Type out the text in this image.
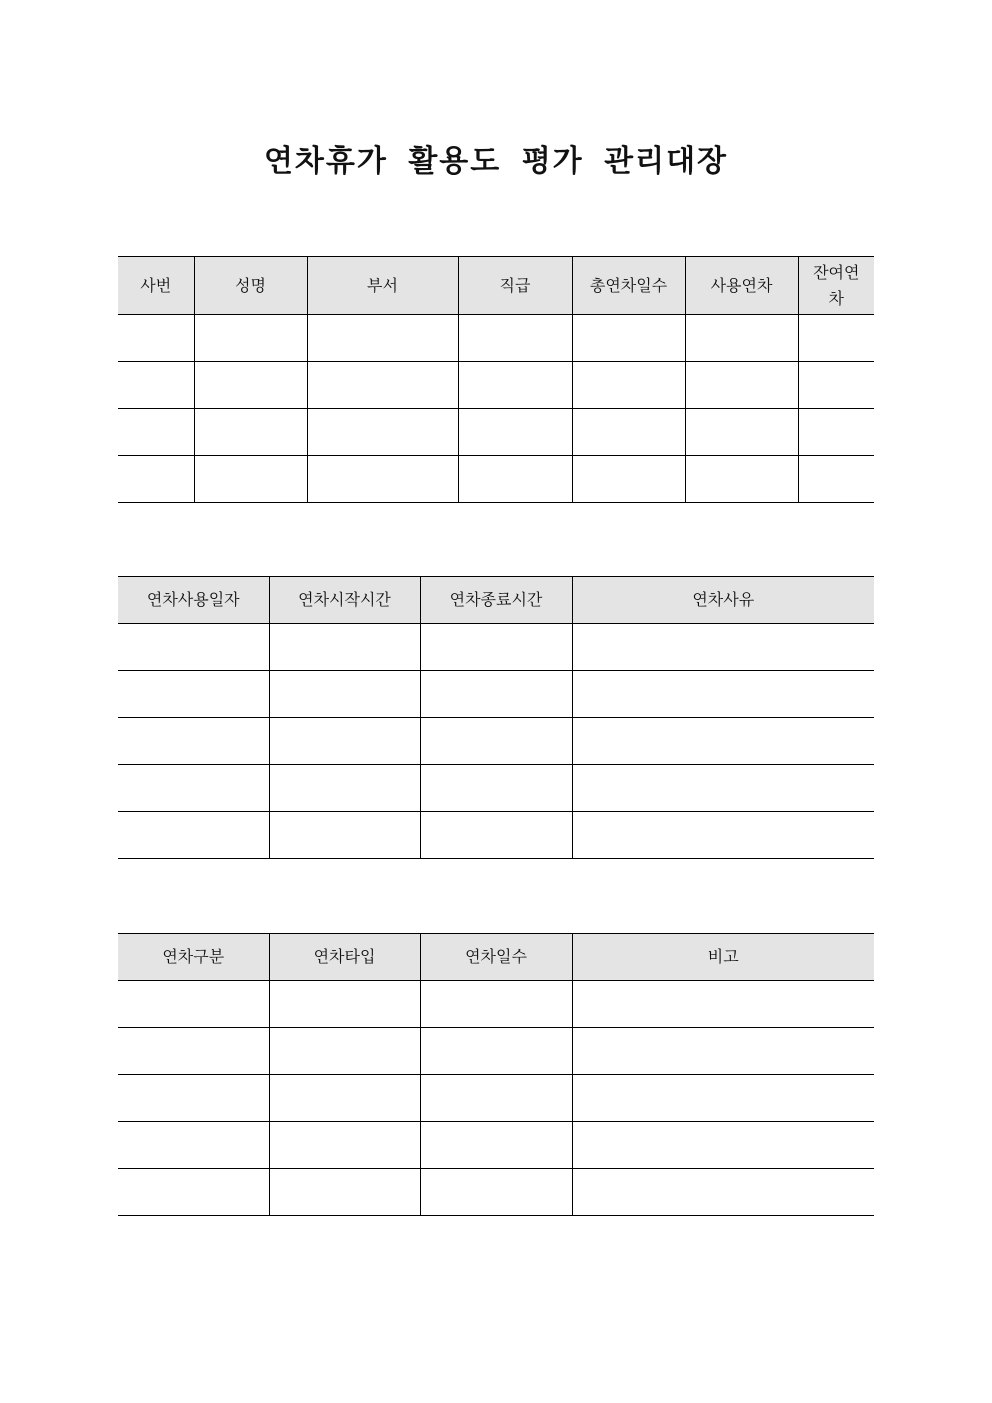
연차휴가 활용도 평가 관리대장
사번	성명	부서	직급	총연차일수	사용연차	잔여연차

연차사용일자	연차시작시간	연차종료시간	연차사유

연차구분	연차타입	연차일수	비고
